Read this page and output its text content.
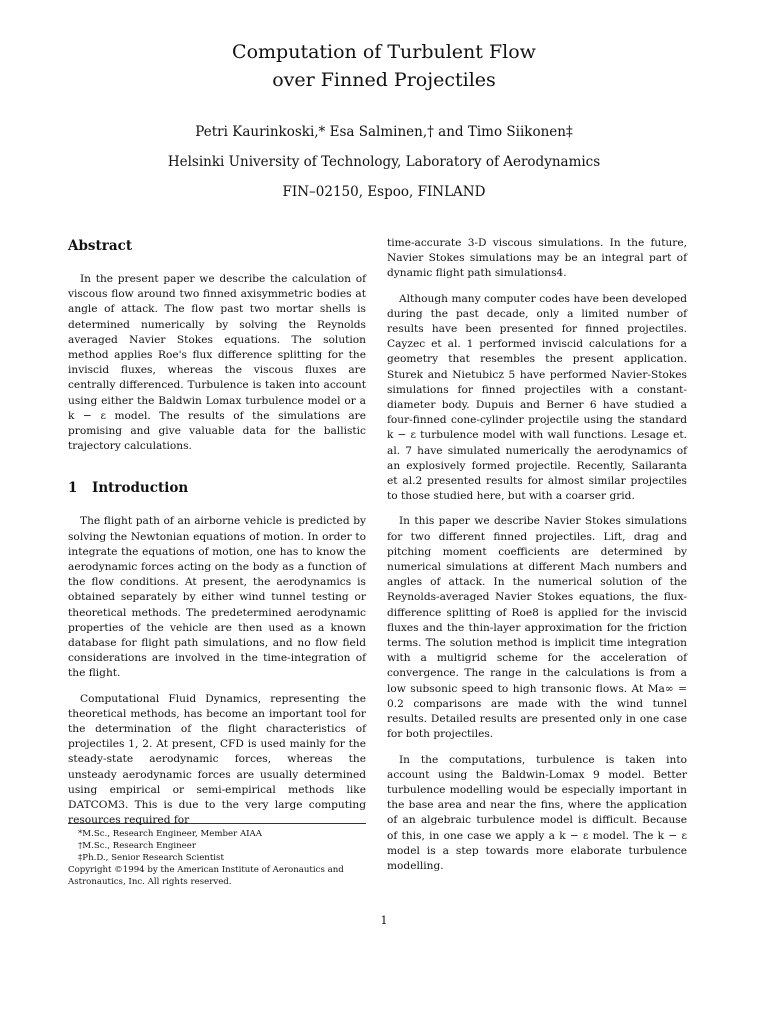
Computation of Turbulent Flow
over Finned Projectiles
Petri Kaurinkoski,* Esa Salminen,† and Timo Siikonen‡
Helsinki University of Technology, Laboratory of Aerodynamics
FIN–02150, Espoo, FINLAND
Abstract

In the present paper we describe the calculation of viscous flow around two finned axisymmetric bodies at angle of attack. The flow past two mortar shells is determined numerically by solving the Reynolds averaged Navier Stokes equations. The solution method applies Roe's flux difference splitting for the inviscid fluxes, whereas the viscous fluxes are centrally differenced. Turbulence is taken into account using either the Baldwin Lomax turbulence model or a k − ε model. The results of the simulations are promising and give valuable data for the ballistic trajectory calculations.

1 Introduction

The flight path of an airborne vehicle is predicted by solving the Newtonian equations of motion. In order to integrate the equations of motion, one has to know the aerodynamic forces acting on the body as a function of the flow conditions. At present, the aerodynamics is obtained separately by either wind tunnel testing or theoretical methods. The predetermined aerodynamic properties of the vehicle are then used as a known database for flight path simulations, and no flow field considerations are involved in the time-integration of the flight.

Computational Fluid Dynamics, representing the theoretical methods, has become an important tool for the determination of the flight characteristics of projectiles 1, 2. At present, CFD is used mainly for the steady-state aerodynamic forces, whereas the unsteady aerodynamic forces are usually determined using empirical or semi-empirical methods like DATCOM3. This is due to the very large computing resources required for

time-accurate 3-D viscous simulations. In the future, Navier Stokes simulations may be an integral part of dynamic flight path simulations4.

Although many computer codes have been developed during the past decade, only a limited number of results have been presented for finned projectiles. Cayzec et al. 1 performed inviscid calculations for a geometry that resembles the present application. Sturek and Nietubicz 5 have performed Navier-Stokes simulations for finned projectiles with a constant-diameter body. Dupuis and Berner 6 have studied a four-finned cone-cylinder projectile using the standard k − ε turbulence model with wall functions. Lesage et. al. 7 have simulated numerically the aerodynamics of an explosively formed projectile. Recently, Sailaranta et al.2 presented results for almost similar projectiles to those studied here, but with a coarser grid.

In this paper we describe Navier Stokes simulations for two different finned projectiles. Lift, drag and pitching moment coefficients are determined by numerical simulations at different Mach numbers and angles of attack. In the numerical solution of the Reynolds-averaged Navier Stokes equations, the flux-difference splitting of Roe8 is applied for the inviscid fluxes and the thin-layer approximation for the friction terms. The solution method is implicit time integration with a multigrid scheme for the acceleration of convergence. The range in the calculations is from a low subsonic speed to high transonic flows. At Ma∞ = 0.2 comparisons are made with the wind tunnel results. Detailed results are presented only in one case for both projectiles.

In the computations, turbulence is taken into account using the Baldwin-Lomax 9 model. Better turbulence modelling would be especially important in the base area and near the fins, where the application of an algebraic turbulence model is difficult. Because of this, in one case we apply a k − ε model. The k − ε model is a step towards more elaborate turbulence modelling.

*M.Sc., Research Engineer, Member AIAA
†M.Sc., Research Engineer
‡Ph.D., Senior Research Scientist
Copyright ©1994 by the American Institute of Aeronautics and Astronautics, Inc. All rights reserved.
1
